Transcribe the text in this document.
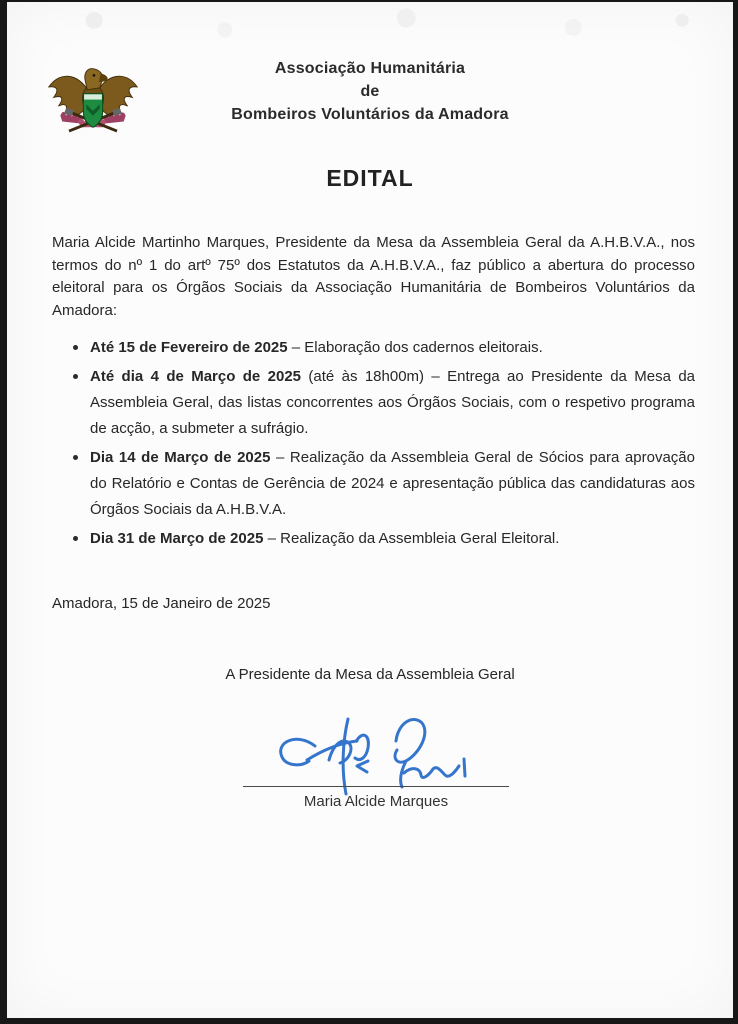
Associação Humanitária
de
Bombeiros Voluntários da Amadora
EDITAL

Maria Alcide Martinho Marques, Presidente da Mesa da Assembleia Geral da A.H.B.V.A., nos termos do nº 1 do artº 75º dos Estatutos da A.H.B.V.A., faz público a abertura do processo eleitoral para os Órgãos Sociais da Associação Humanitária de Bombeiros Voluntários da Amadora:

Até 15 de Fevereiro de 2025 – Elaboração dos cadernos eleitorais.
Até dia 4 de Março de 2025 (até às 18h00m) – Entrega ao Presidente da Mesa da Assembleia Geral, das listas concorrentes aos Órgãos Sociais, com o respetivo programa de acção, a submeter a sufrágio.
Dia 14 de Março de 2025 – Realização da Assembleia Geral de Sócios para aprovação do Relatório e Contas de Gerência de 2024 e apresentação pública das candidaturas aos Órgãos Sociais da A.H.B.V.A.
Dia 31 de Março de 2025 – Realização da Assembleia Geral Eleitoral.

Amadora, 15 de Janeiro de 2025

A Presidente da Mesa da Assembleia Geral

Maria Alcide Marques
